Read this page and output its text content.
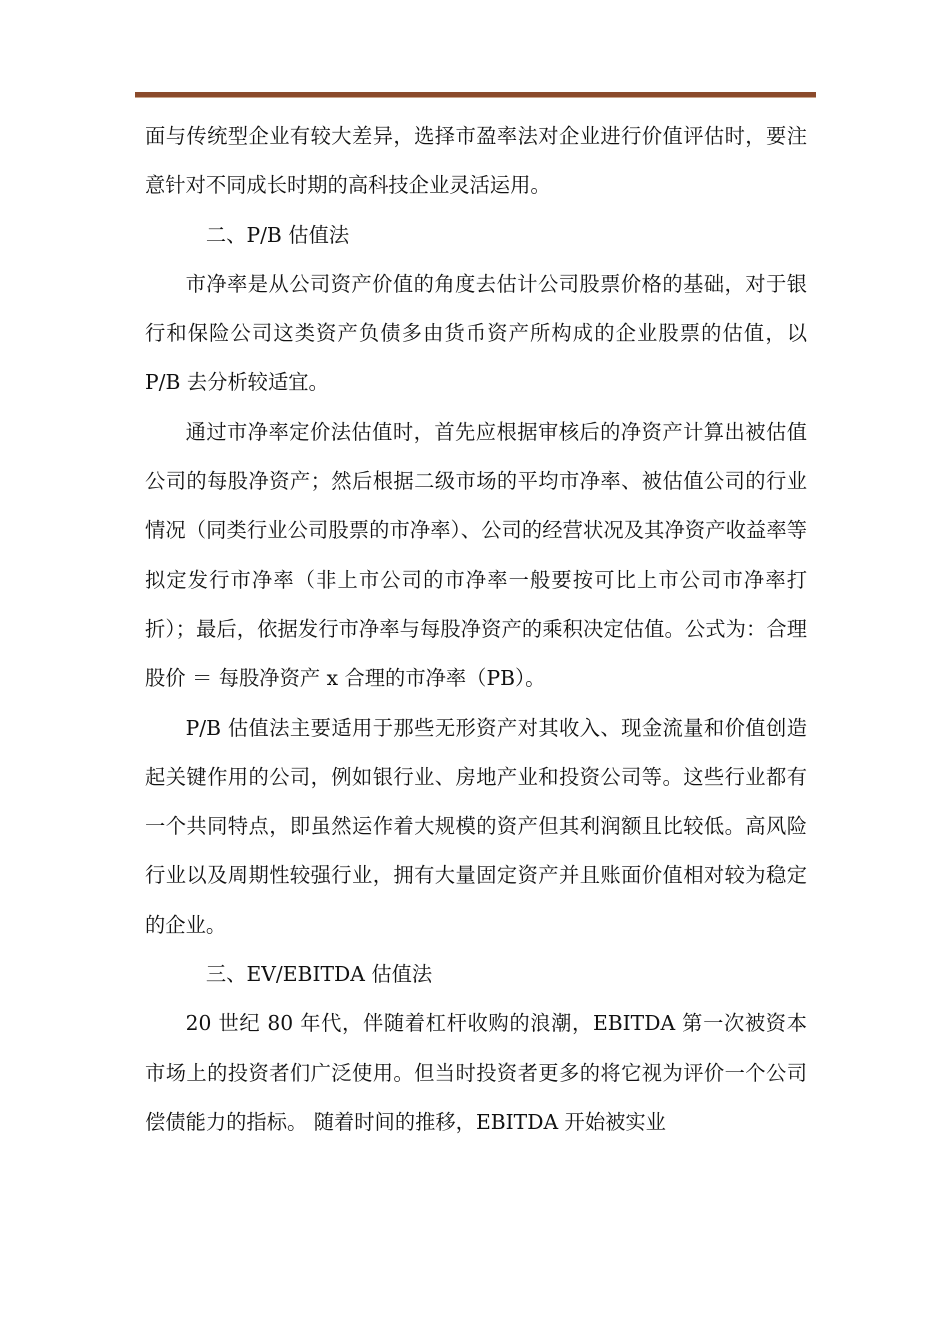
面与传统型企业有较大差异，选择市盈率法对企业进行价值评估时，要注意针对不同成长时期的高科技企业灵活运用。

二、P/B 估值法

市净率是从公司资产价值的角度去估计公司股票价格的基础，对于银行和保险公司这类资产负债多由货币资产所构成的企业股票的估值，以 P/B 去分析较适宜。

通过市净率定价法估值时，首先应根据审核后的净资产计算出被估值公司的每股净资产；然后根据二级市场的平均市净率、被估值公司的行业情况（同类行业公司股票的市净率）、公司的经营状况及其净资产收益率等拟定发行市净率（非上市公司的市净率一般要按可比上市公司市净率打折）；最后，依据发行市净率与每股净资产的乘积决定估值。公式为：合理股价 ＝ 每股净资产 x 合理的市净率（PB）。

P/B 估值法主要适用于那些无形资产对其收入、现金流量和价值创造起关键作用的公司，例如银行业、房地产业和投资公司等。这些行业都有一个共同特点，即虽然运作着大规模的资产但其利润额且比较低。高风险行业以及周期性较强行业，拥有大量固定资产并且账面价值相对较为稳定的企业。

三、EV/EBITDA 估值法

20 世纪 80 年代，伴随着杠杆收购的浪潮，EBITDA 第一次被资本市场上的投资者们广泛使用。但当时投资者更多的将它视为评价一个公司偿债能力的指标。 随着时间的推移，EBITDA 开始被实业
